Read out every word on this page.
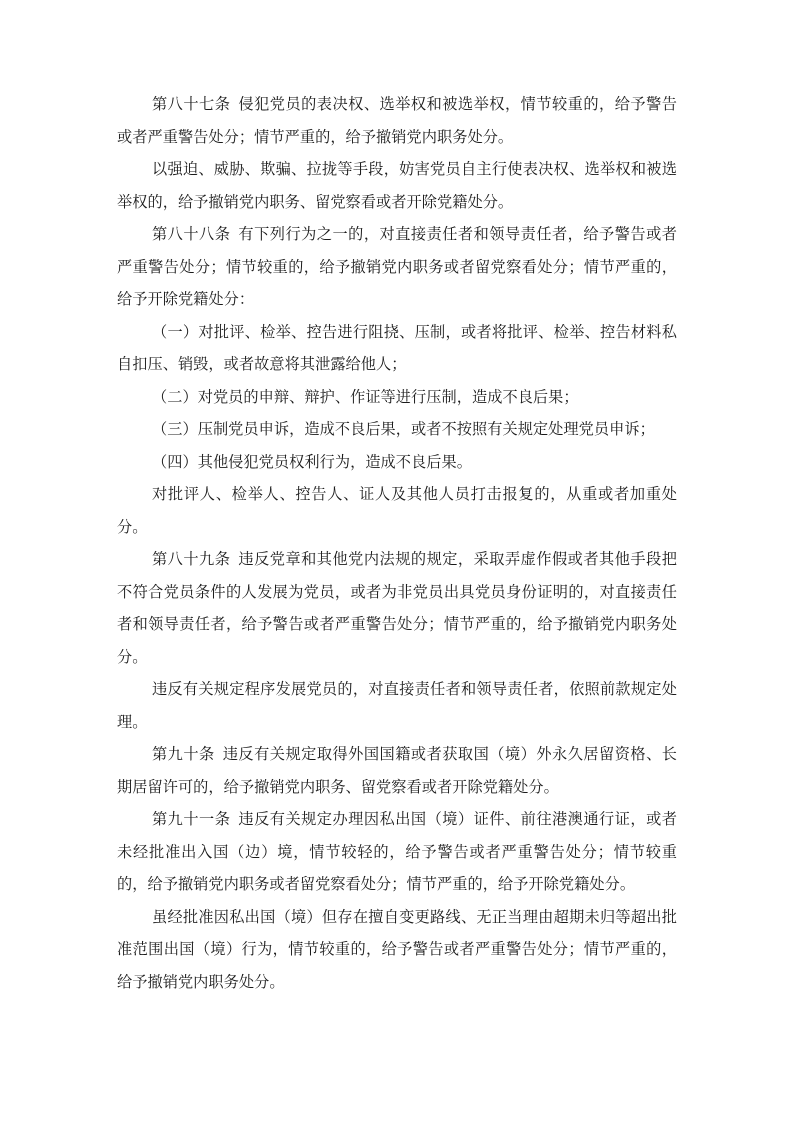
第八十七条 侵犯党员的表决权、选举权和被选举权，情节较重的，给予警告或者严重警告处分；情节严重的，给予撤销党内职务处分。

以强迫、威胁、欺骗、拉拢等手段，妨害党员自主行使表决权、选举权和被选举权的，给予撤销党内职务、留党察看或者开除党籍处分。

第八十八条 有下列行为之一的，对直接责任者和领导责任者，给予警告或者严重警告处分；情节较重的，给予撤销党内职务或者留党察看处分；情节严重的，给予开除党籍处分：

（一）对批评、检举、控告进行阻挠、压制，或者将批评、检举、控告材料私自扣压、销毁，或者故意将其泄露给他人；

（二）对党员的申辩、辩护、作证等进行压制，造成不良后果；

（三）压制党员申诉，造成不良后果，或者不按照有关规定处理党员申诉；

（四）其他侵犯党员权利行为，造成不良后果。

对批评人、检举人、控告人、证人及其他人员打击报复的，从重或者加重处分。

第八十九条 违反党章和其他党内法规的规定，采取弄虚作假或者其他手段把不符合党员条件的人发展为党员，或者为非党员出具党员身份证明的，对直接责任者和领导责任者，给予警告或者严重警告处分；情节严重的，给予撤销党内职务处分。

违反有关规定程序发展党员的，对直接责任者和领导责任者，依照前款规定处理。

第九十条 违反有关规定取得外国国籍或者获取国（境）外永久居留资格、长期居留许可的，给予撤销党内职务、留党察看或者开除党籍处分。

第九十一条 违反有关规定办理因私出国（境）证件、前往港澳通行证，或者未经批准出入国（边）境，情节较轻的，给予警告或者严重警告处分；情节较重的，给予撤销党内职务或者留党察看处分；情节严重的，给予开除党籍处分。

虽经批准因私出国（境）但存在擅自变更路线、无正当理由超期未归等超出批准范围出国（境）行为，情节较重的，给予警告或者严重警告处分；情节严重的，给予撤销党内职务处分。
